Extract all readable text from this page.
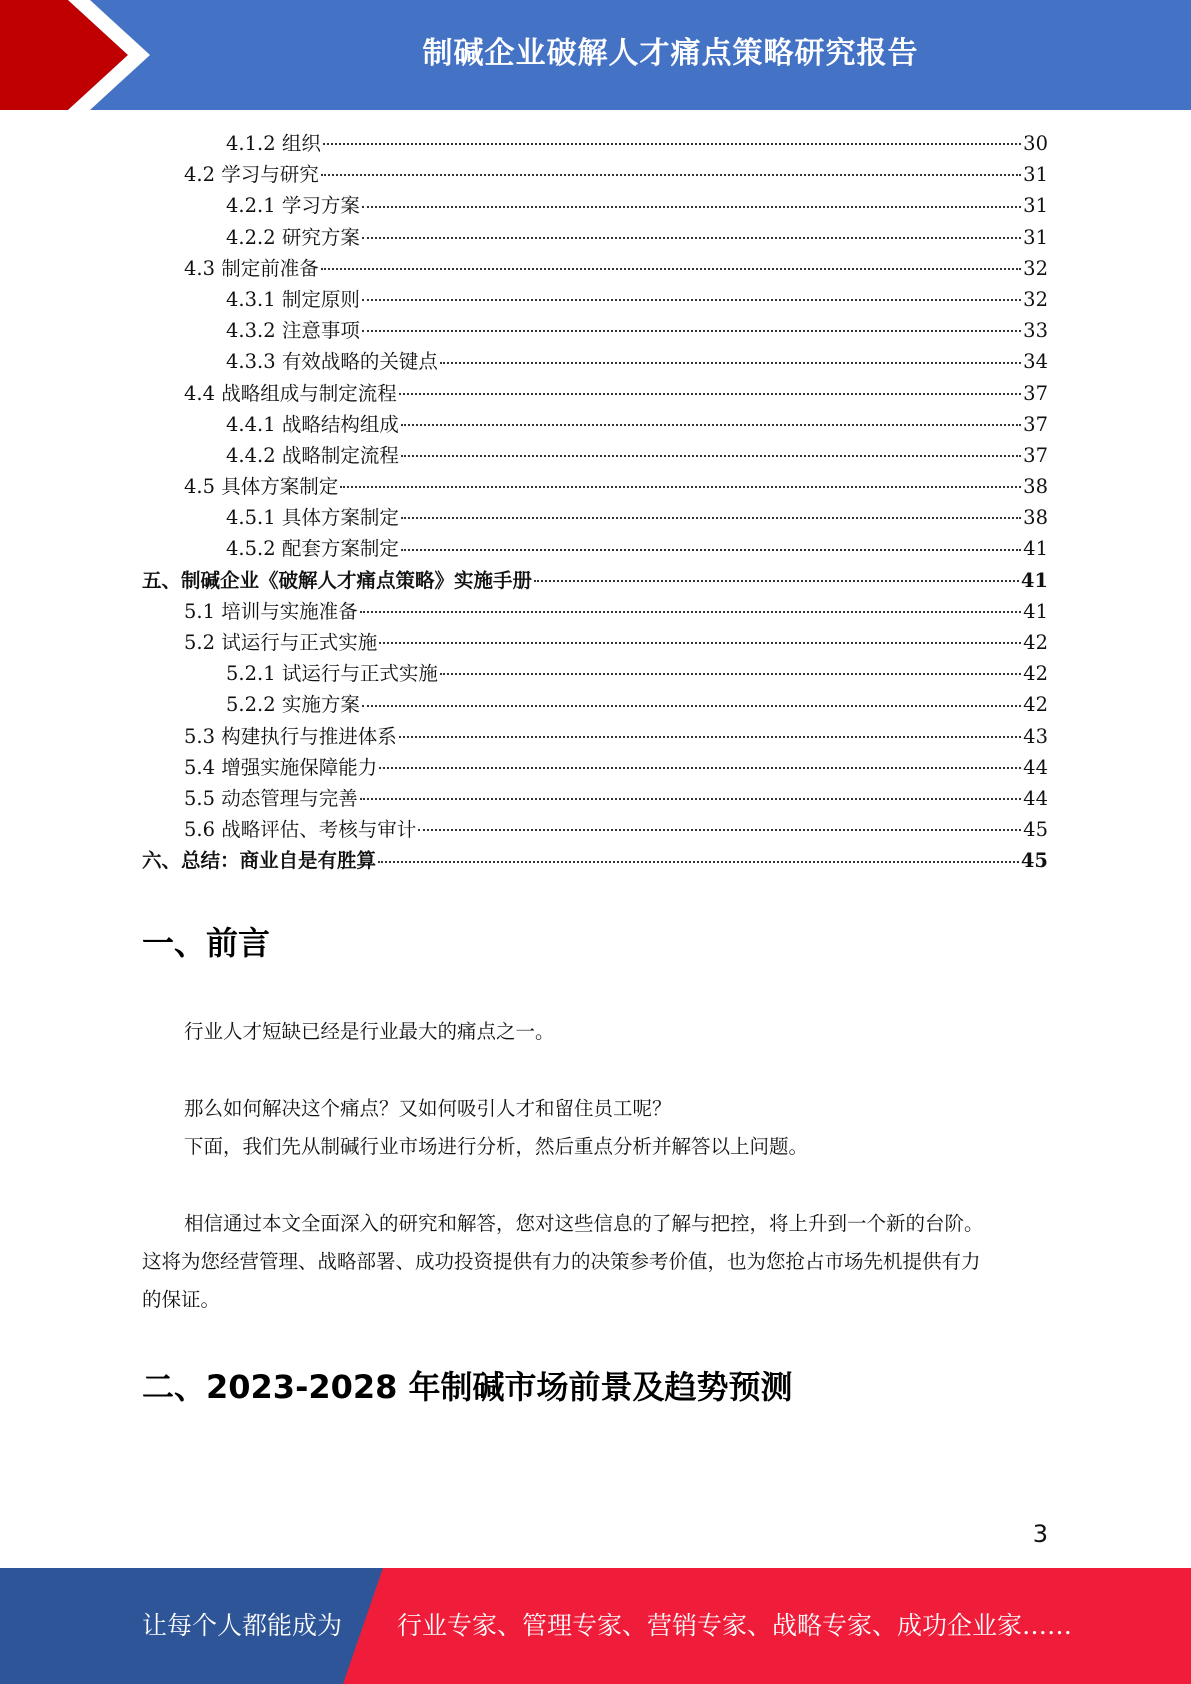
制碱企业破解人才痛点策略研究报告
4.1.2 组织	30
4.2 学习与研究	31
4.2.1 学习方案	31
4.2.2 研究方案	31
4.3 制定前准备	32
4.3.1 制定原则	32
4.3.2 注意事项	33
4.3.3 有效战略的关键点	34
4.4 战略组成与制定流程	37
4.4.1 战略结构组成	37
4.4.2 战略制定流程	37
4.5 具体方案制定	38
4.5.1 具体方案制定	38
4.5.2 配套方案制定	41
五、制碱企业《破解人才痛点策略》实施手册	41
5.1 培训与实施准备	41
5.2 试运行与正式实施	42
5.2.1 试运行与正式实施	42
5.2.2 实施方案	42
5.3 构建执行与推进体系	43
5.4 增强实施保障能力	44
5.5 动态管理与完善	44
5.6 战略评估、考核与审计	45
六、总结：商业自是有胜算	45
一、前言
行业人才短缺已经是行业最大的痛点之一。
那么如何解决这个痛点？又如何吸引人才和留住员工呢？
下面，我们先从制碱行业市场进行分析，然后重点分析并解答以上问题。
相信通过本文全面深入的研究和解答，您对这些信息的了解与把控，将上升到一个新的台阶。
这将为您经营管理、战略部署、成功投资提供有力的决策参考价值，也为您抢占市场先机提供有力
的保证。
二、2023-2028 年制碱市场前景及趋势预测
3
让每个人都能成为 行业专家、管理专家、营销专家、战略专家、成功企业家……
